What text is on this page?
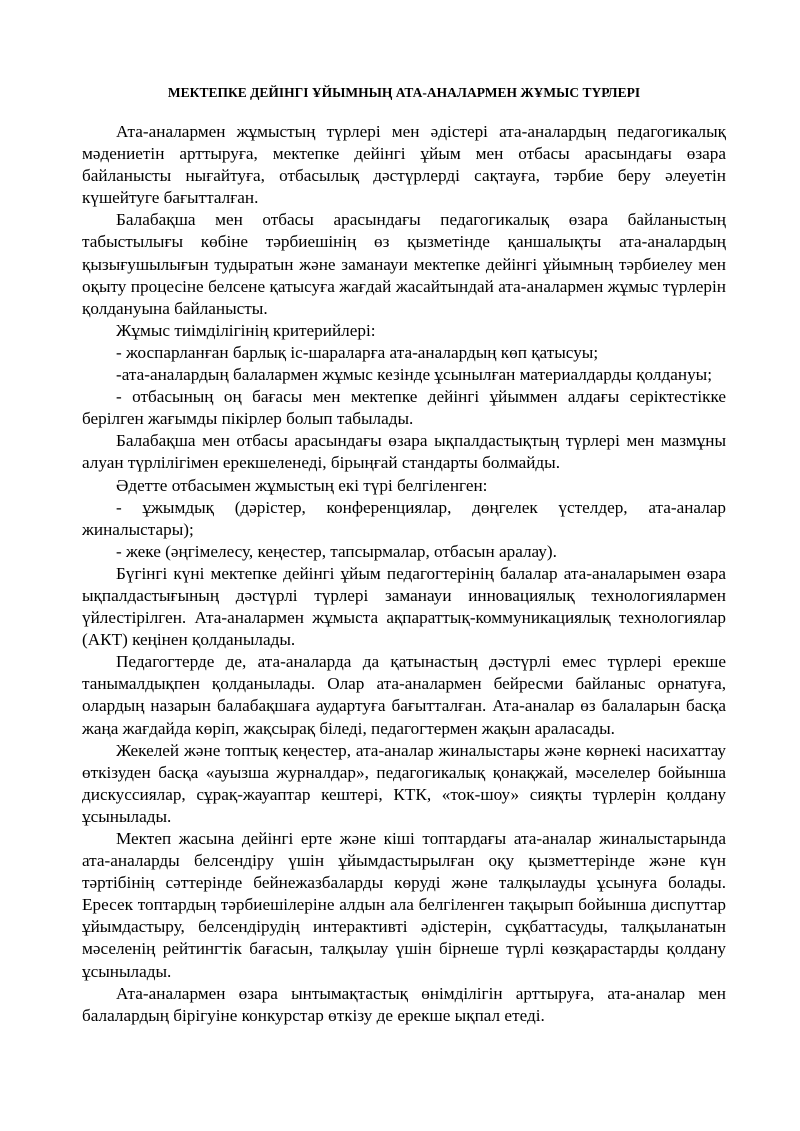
МЕКТЕПКЕ ДЕЙІНГІ ҰЙЫМНЫҢ АТА-АНАЛАРМЕН ЖҰМЫС ТҮРЛЕРІ

Ата-аналармен жұмыстың түрлері мен әдістері ата-аналардың педагогикалық мәдениетін арттыруға, мектепке дейінгі ұйым мен отбасы арасындағы өзара байланысты нығайтуға, отбасылық дәстүрлерді сақтауға, тәрбие беру әлеуетін күшейтуге бағытталған.

Балабақша мен отбасы арасындағы педагогикалық өзара байланыстың табыстылығы көбіне тәрбиешінің өз қызметінде қаншалықты ата-аналардың қызығушылығын тудыратын және заманауи мектепке дейінгі ұйымның тәрбиелеу мен оқыту процесіне белсене қатысуға жағдай жасайтындай ата-аналармен жұмыс түрлерін қолдануына байланысты.

Жұмыс тиімділігінің критерийлері:

- жоспарланған барлық іс-шараларға ата-аналардың көп қатысуы;

-ата-аналардың балалармен жұмыс кезінде ұсынылған материалдарды қолдануы;

- отбасының оң бағасы мен мектепке дейінгі ұйыммен алдағы серіктестікке берілген жағымды пікірлер болып табылады.

Балабақша мен отбасы арасындағы өзара ықпалдастықтың түрлері мен мазмұны алуан түрлілігімен ерекшеленеді, бірыңғай стандарты болмайды.

Әдетте отбасымен жұмыстың екі түрі белгіленген:

- ұжымдық (дәрістер, конференциялар, дөңгелек үстелдер, ата-аналар жиналыстары);

- жеке (әңгімелесу, кеңестер, тапсырмалар, отбасын аралау).

Бүгінгі күні мектепке дейінгі ұйым педагогтерінің балалар ата-аналарымен өзара ықпалдастығының дәстүрлі түрлері заманауи инновациялық технологиялармен үйлестірілген. Ата-аналармен жұмыста ақпараттық-коммуникациялық технологиялар (АКТ) кеңінен қолданылады.

Педагогтерде де, ата-аналарда да қатынастың дәстүрлі емес түрлері ерекше танымалдықпен қолданылады. Олар ата-аналармен бейресми байланыс орнатуға, олардың назарын балабақшаға аудартуға бағытталған. Ата-аналар өз балаларын басқа жаңа жағдайда көріп, жақсырақ біледі, педагогтермен жақын араласады.

Жекелей және топтық кеңестер, ата-аналар жиналыстары және көрнекі насихаттау өткізуден басқа «ауызша журналдар», педагогикалық қонақжай, мәселелер бойынша дискуссиялар, сұрақ-жауаптар кештері, КТК, «ток-шоу» сияқты түрлерін қолдану ұсынылады.

Мектеп жасына дейінгі ерте және кіші топтардағы ата-аналар жиналыстарында ата-аналарды белсендіру үшін ұйымдастырылған оқу қызметтерінде және күн тәртібінің сәттерінде бейнежазбаларды көруді және талқылауды ұсынуға болады. Ересек топтардың тәрбиешілеріне алдын ала белгіленген тақырып бойынша диспуттар ұйымдастыру, белсендірудің интерактивті әдістерін, сұқбаттасуды, талқыланатын мәселенің рейтингтік бағасын, талқылау үшін бірнеше түрлі көзқарастарды қолдану ұсынылады.

Ата-аналармен өзара ынтымақтастық өнімділігін арттыруға, ата-аналар мен балалардың бірігуіне конкурстар өткізу де ерекше ықпал етеді.
